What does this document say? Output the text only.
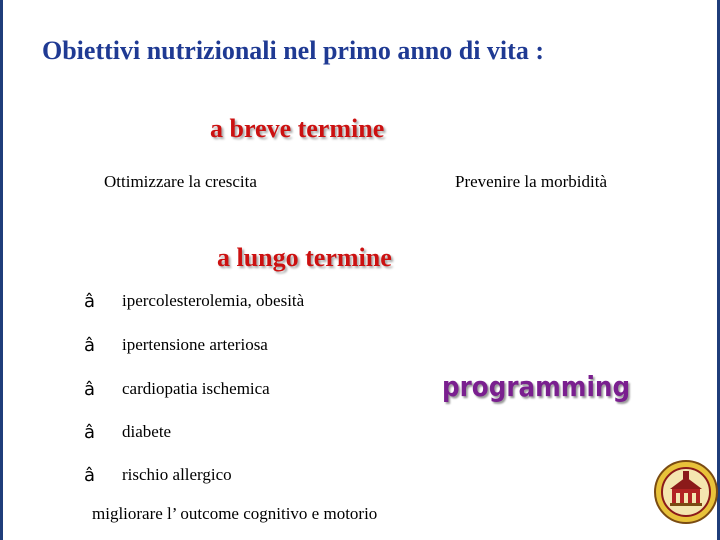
Obiettivi nutrizionali nel primo anno di vita :
a breve termine
Ottimizzare la crescita	Prevenire la morbidità
a lungo termine
â ipercolesterolemia, obesità
â ipertensione arteriosa
â cardiopatia ischemica
â diabete
â rischio allergico
programming
migliorare l’ outcome cognitivo e motorio
